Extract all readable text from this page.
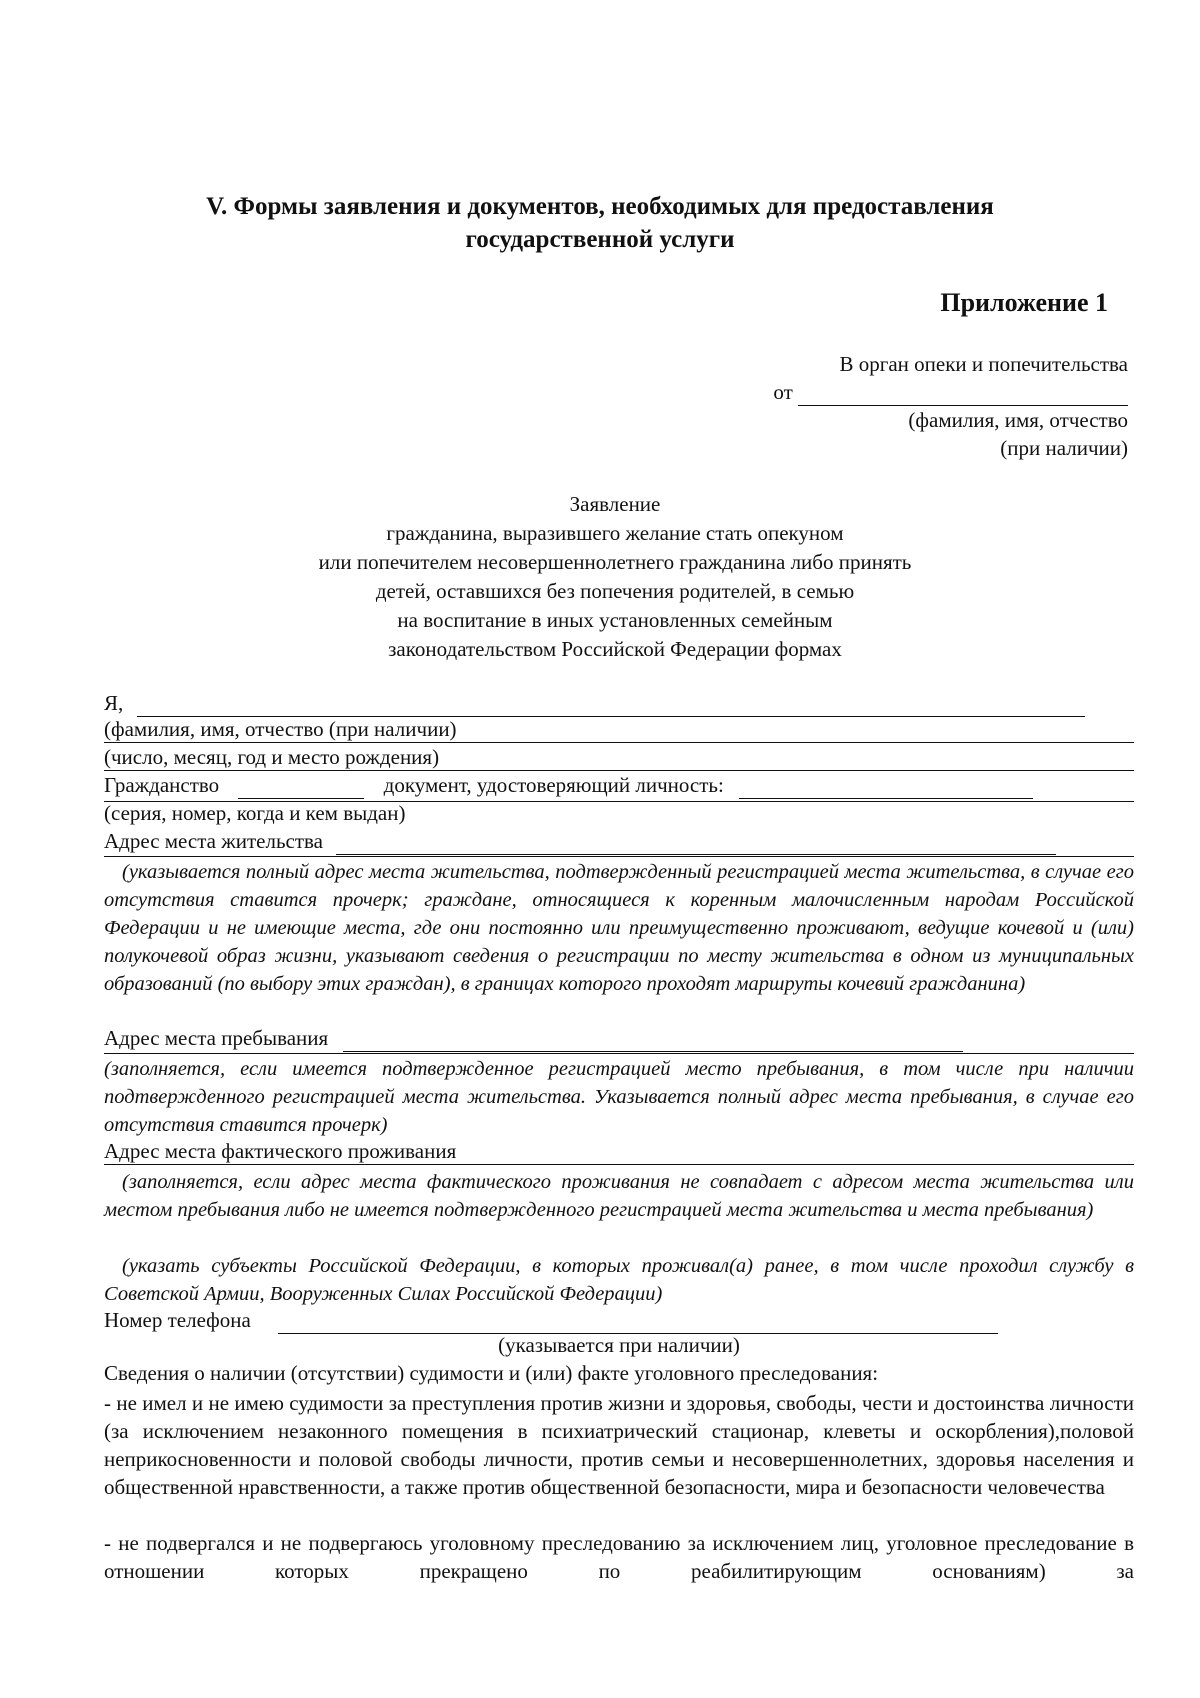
V. Формы заявления и документов, необходимых для предоставления
государственной услуги
Приложение 1
В орган опеки и попечительства
от
(фамилия, имя, отчество
(при наличии)
Заявление
гражданина, выразившего желание стать опекуном
или попечителем несовершеннолетнего гражданина либо принять
детей, оставшихся без попечения родителей, в семью
на воспитание в иных установленных семейным
законодательством Российской Федерации формах
Я,
(фамилия, имя, отчество (при наличии)
(число, месяц, год и место рождения)
Гражданство	документ, удостоверяющий личность:
(серия, номер, когда и кем выдан)
Адрес места жительства
(указывается полный адрес места жительства, подтвержденный регистрацией места жительства, в случае его отсутствия ставится прочерк; граждане, относящиеся к коренным малочисленным народам Российской Федерации и не имеющие места, где они постоянно или преимущественно проживают, ведущие кочевой и (или) полукочевой образ жизни, указывают сведения о регистрации по месту жительства в одном из муниципальных образований (по выбору этих граждан), в границах которого проходят маршруты кочевий гражданина)
Адрес места пребывания
(заполняется, если имеется подтвержденное регистрацией место пребывания, в том числе при наличии подтвержденного регистрацией места жительства. Указывается полный адрес места пребывания, в случае его отсутствия ставится прочерк)
Адрес места фактического проживания
(заполняется, если адрес места фактического проживания не совпадает с адресом места жительства или местом пребывания либо не имеется подтвержденного регистрацией места жительства и места пребывания)
(указать субъекты Российской Федерации, в которых проживал(а) ранее, в том числе проходил службу в Советской Армии, Вооруженных Силах Российской Федерации)
Номер телефона
(указывается при наличии)
Сведения о наличии (отсутствии) судимости и (или) факте уголовного преследования:
- не имел и не имею судимости за преступления против жизни и здоровья, свободы, чести и достоинства личности (за исключением незаконного помещения в психиатрический стационар, клеветы и оскорбления),половой неприкосновенности и половой свободы личности, против семьи и несовершеннолетних, здоровья населения и общественной нравственности, а также против общественной безопасности, мира и безопасности человечества
- не подвергался и не подвергаюсь уголовному преследованию за исключением лиц, уголовное преследование в отношении которых прекращено по реабилитирующим основаниям) за
